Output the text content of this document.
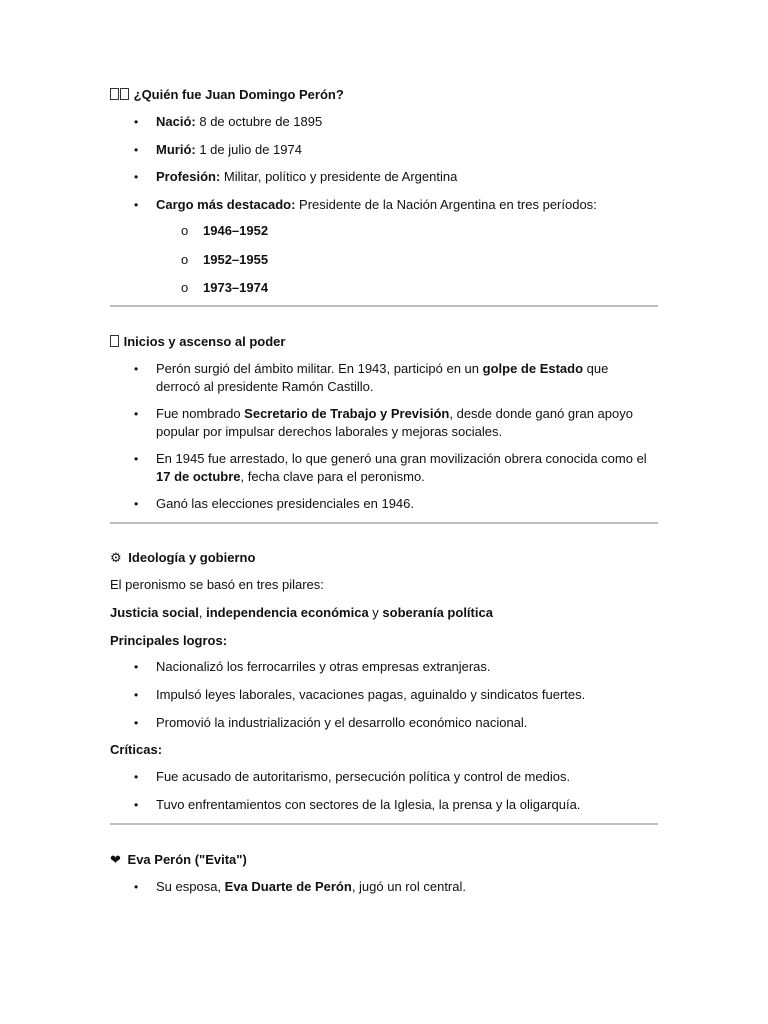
¿Quién fue Juan Domingo Perón?
• Nació: 8 de octubre de 1895
• Murió: 1 de julio de 1974
• Profesión: Militar, político y presidente de Argentina
• Cargo más destacado: Presidente de la Nación Argentina en tres períodos:
o 1946–1952
o 1952–1955
o 1973–1974
Inicios y ascenso al poder
• Perón surgió del ámbito militar. En 1943, participó en un golpe de Estado que derrocó al presidente Ramón Castillo.
• Fue nombrado Secretario de Trabajo y Previsión, desde donde ganó gran apoyo popular por impulsar derechos laborales y mejoras sociales.
• En 1945 fue arrestado, lo que generó una gran movilización obrera conocida como el 17 de octubre, fecha clave para el peronismo.
• Ganó las elecciones presidenciales en 1946.
⚙ Ideología y gobierno
El peronismo se basó en tres pilares:
Justicia social, independencia económica y soberanía política
Principales logros:
• Nacionalizó los ferrocarriles y otras empresas extranjeras.
• Impulsó leyes laborales, vacaciones pagas, aguinaldo y sindicatos fuertes.
• Promovió la industrialización y el desarrollo económico nacional.
Críticas:
• Fue acusado de autoritarismo, persecución política y control de medios.
• Tuvo enfrentamientos con sectores de la Iglesia, la prensa y la oligarquía.
❤ Eva Perón ("Evita")
• Su esposa, Eva Duarte de Perón, jugó un rol central.
